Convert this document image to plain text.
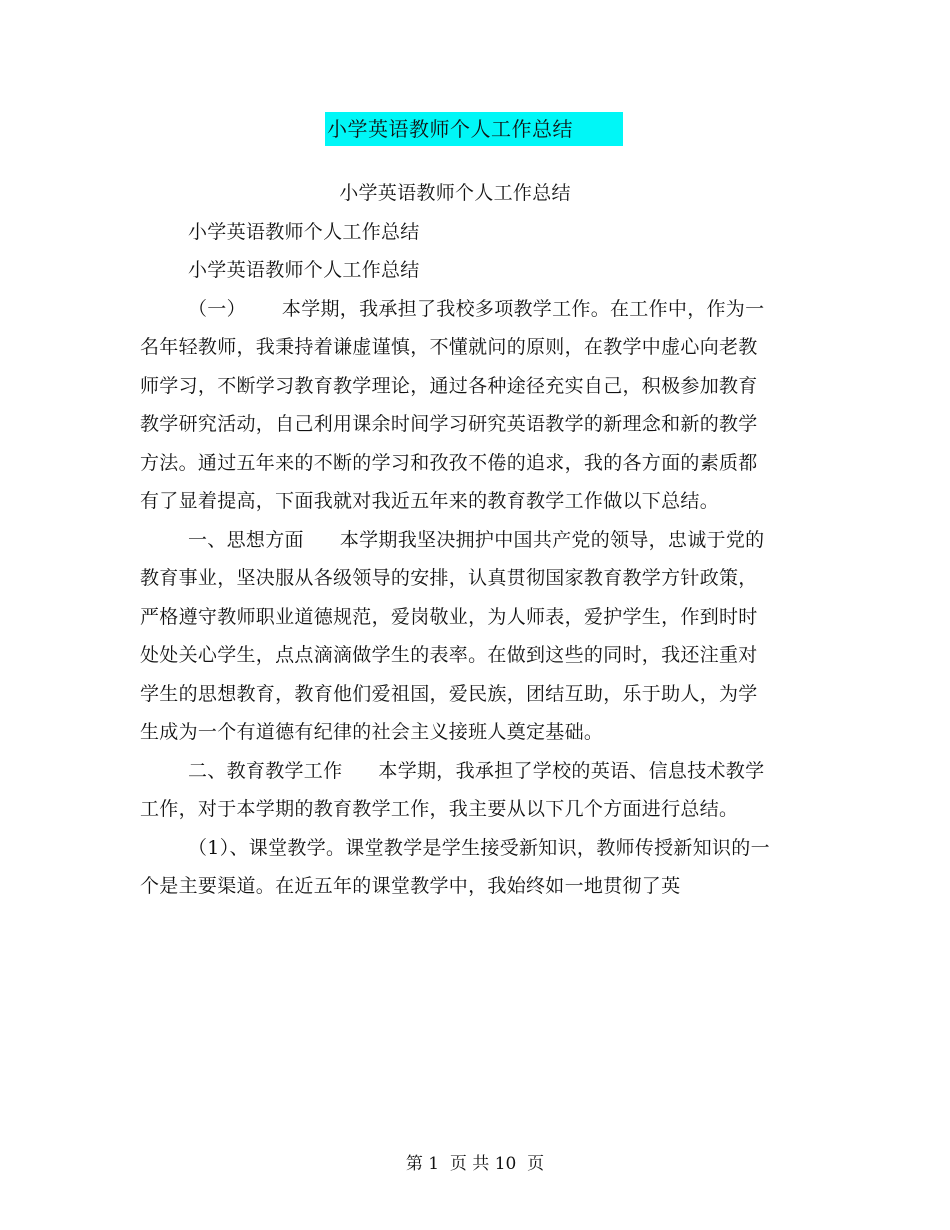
小学英语教师个人工作总结

小学英语教师个人工作总结

小学英语教师个人工作总结

小学英语教师个人工作总结

（一） 本学期，我承担了我校多项教学工作。在工作中，作为一名年轻教师，我秉持着谦虚谨慎，不懂就问的原则，在教学中虚心向老教师学习，不断学习教育教学理论，通过各种途径充实自己，积极参加教育教学研究活动，自己利用课余时间学习研究英语教学的新理念和新的教学方法。通过五年来的不断的学习和孜孜不倦的追求，我的各方面的素质都有了显着提高，下面我就对我近五年来的教育教学工作做以下总结。

一、思想方面 本学期我坚决拥护中国共产党的领导，忠诚于党的教育事业，坚决服从各级领导的安排，认真贯彻国家教育教学方针政策，严格遵守教师职业道德规范，爱岗敬业，为人师表，爱护学生，作到时时处处关心学生，点点滴滴做学生的表率。在做到这些的同时，我还注重对学生的思想教育，教育他们爱祖国，爱民族，团结互助，乐于助人，为学生成为一个有道德有纪律的社会主义接班人奠定基础。

二、教育教学工作 本学期，我承担了学校的英语、信息技术教学工作，对于本学期的教育教学工作，我主要从以下几个方面进行总结。

（1）、课堂教学。课堂教学是学生接受新知识，教师传授新知识的一个是主要渠道。在近五年的课堂教学中，我始终如一地贯彻了英

第 1  页 共 10  页
